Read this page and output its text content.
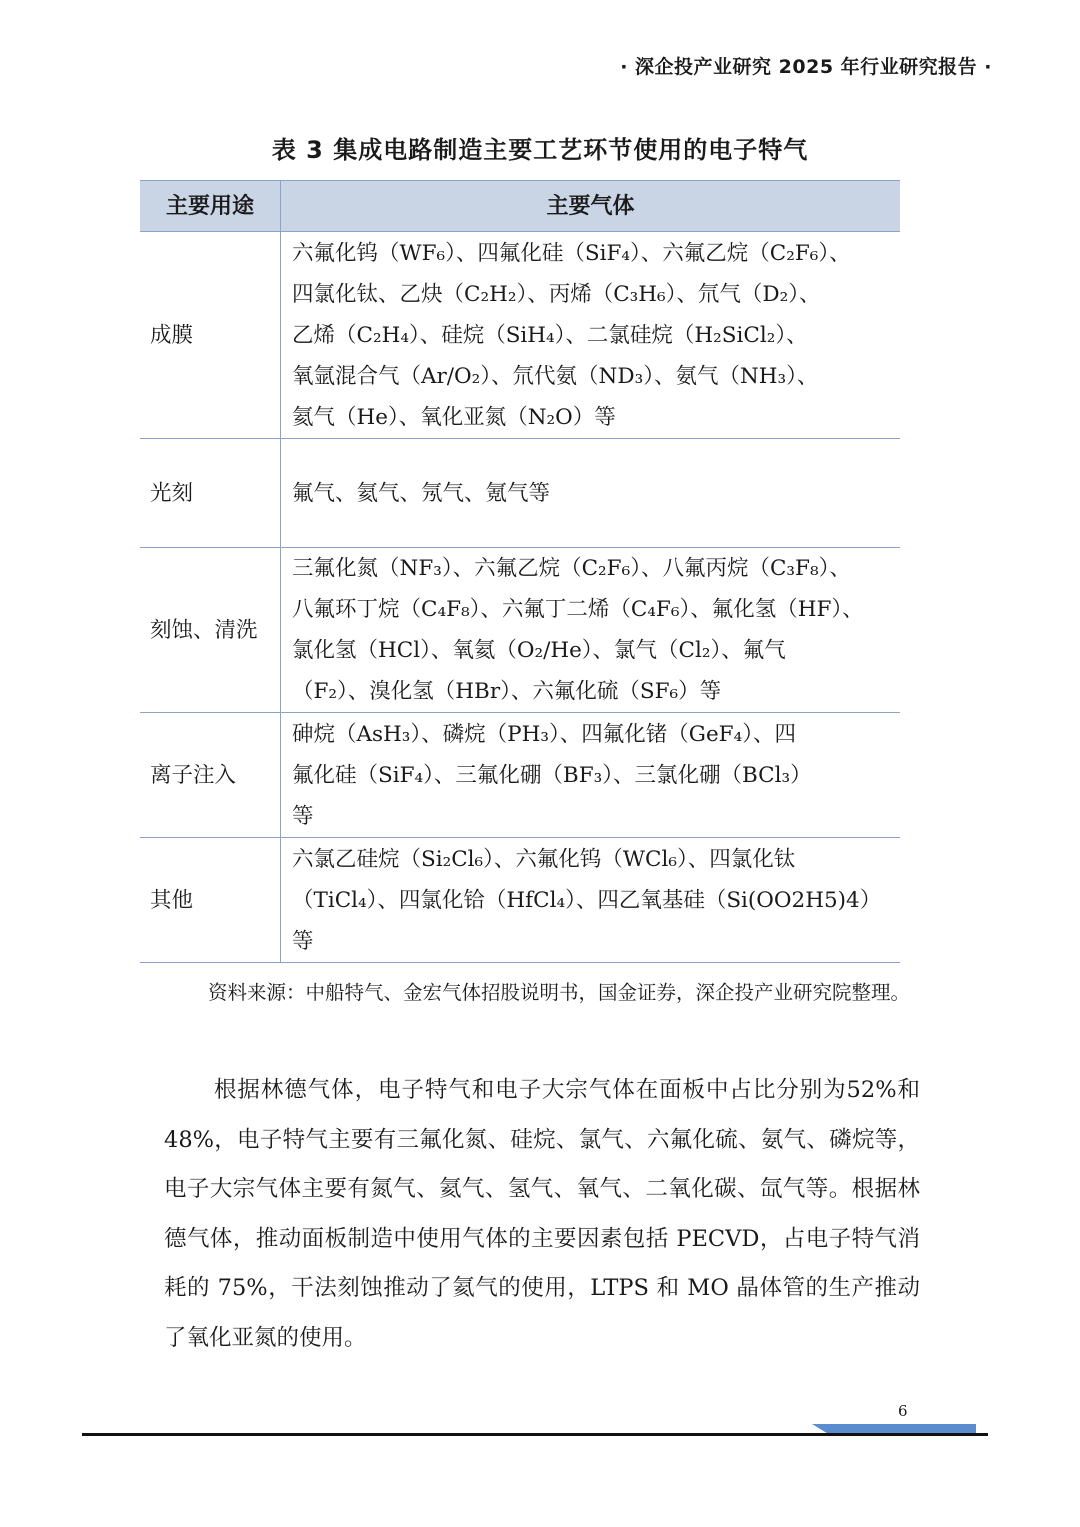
· 深企投产业研究 2025 年行业研究报告 ·
表 3 集成电路制造主要工艺环节使用的电子特气
主要用途	主要气体
成膜	六氟化钨（WF₆）、四氟化硅（SiF₄）、六氟乙烷（C₂F₆）、
四氯化钛、乙炔（C₂H₂）、丙烯（C₃H₆）、氘气（D₂）、
乙烯（C₂H₄）、硅烷（SiH₄）、二氯硅烷（H₂SiCl₂）、
氧氩混合气（Ar/O₂）、氘代氨（ND₃）、氨气（NH₃）、
氦气（He）、氧化亚氮（N₂O）等
光刻	氟气、氦气、氖气、氪气等
刻蚀、清洗	三氟化氮（NF₃）、六氟乙烷（C₂F₆）、八氟丙烷（C₃F₈）、
八氟环丁烷（C₄F₈）、六氟丁二烯（C₄F₆）、氟化氢（HF）、
氯化氢（HCl）、氧氦（O₂/He）、氯气（Cl₂）、氟气
（F₂）、溴化氢（HBr）、六氟化硫（SF₆）等
离子注入	砷烷（AsH₃）、磷烷（PH₃）、四氟化锗（GeF₄）、四
氟化硅（SiF₄）、三氟化硼（BF₃）、三氯化硼（BCl₃）
等
其他	六氯乙硅烷（Si₂Cl₆）、六氟化钨（WCl₆）、四氯化钛
（TiCl₄）、四氯化铪（HfCl₄）、四乙氧基硅（Si(OO2H5)4）
等
资料来源：中船特气、金宏气体招股说明书，国金证券，深企投产业研究院整理。
根据林德气体，电子特气和电子大宗气体在面板中占比分别为52%和 48%，电子特气主要有三氟化氮、硅烷、氯气、六氟化硫、氨气、磷烷等，电子大宗气体主要有氮气、氦气、氢气、氧气、二氧化碳、氙气等。根据林德气体，推动面板制造中使用气体的主要因素包括 PECVD，占电子特气消耗的 75%，干法刻蚀推动了氦气的使用，LTPS 和 MO 晶体管的生产推动了氧化亚氮的使用。
6
